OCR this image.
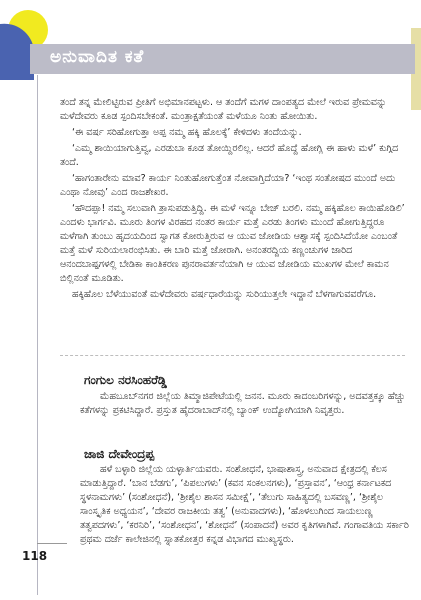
ಅನುವಾದಿತ ಕತೆ

ತಂದೆ ತನ್ನ ಮೇಲಿಟ್ಟಿರುವ ಪ್ರೀತಿಗೆ ಅಭಿಮಾನಪಟ್ಟಳು. ಆ ತಂದೆಗೆ ಮಗಳ ದಾಂಪತ್ಯದ ಮೇಲೆ ಇರುವ ಪ್ರೇಮವನ್ನು ಮಳೆದೇವರು ಕೂಡ ಸ್ಪಂದಿಸಬೇಕಂತೆ. ಮಂತ್ರಾಕ್ಷತೆಯಂತೆ ಮಳೆಯೂ ನಿಂತು ಹೋಯಿತು.

‘ಈ ವರ್ಷ ಸರಿಹೋಗುತ್ತಾ ಅಪ್ಪ ನಮ್ಮ ಹಕ್ಕಿ ಹೊಲಕ್ಕೆ’ ಕೇಳಿದಳು ತಂದೆಯನ್ನು.

‘ಎಮ್ಮ ಶಾಯಿಯಾಗುತ್ತಿವ್ವ, ಎರಡುಬಾ ಕೂಡ ತೋಯ್ದಿರಲಿಲ್ಲ. ಆದರೆ ಹೊದ್ದೆ ಹೋಗ್ಲಿ ಈ ಹಾಳು ಮಳೆ’ ಕುಗ್ಗಿದ ತಂದೆ.

‘ಹಾಗಂತಾರೇನು ಮಾವ? ಕಾರ್ಯ ನಿಂತುಹೋಗುತ್ತೆಂತ ನೋವಾಗ್ತಿದೆಯಾ? ‘ಇಂಥ ಸಂತೋಷದ ಮುಂದೆ ಅದು ಎಂಥಾ ನೋವು’ ಎಂದ ರಾಜಶೇಖರ.

‘ಹೌದಪ್ಪಾ! ನಮ್ಮ ಸಲುವಾಗಿ ತ್ರಾಸುಪಡುತ್ತಿದ್ದಿ. ಈ ಮಳೆ ಇನ್ನೂ ಬೇಜ್ ಬರಲಿ. ನಮ್ಮ ಹಕ್ಕಿಹೊಲ ಕಾಯಿಹೊಡಿಲಿ’ ಎಂದಳು ಭಾರ್ಗವಿ. ಮೂರು ತಿಂಗಳ ವಿರಹದ ನಂತರ ಕಾರ್ಯ ಮತ್ತೆ ಎರಡು ತಿಂಗಳು ಮುಂದೆ ಹೋಗುತ್ತಿದ್ದರೂ ಮಳೆಗಾಗಿ ತುಂಬು ಹೃದಯದಿಂದ ಸ್ವಾಗತ ಕೋರುತ್ತಿರುವ ಆ ಯುವ ಜೋಡಿಯ ಆಶ್ವಾಸಕ್ಕೆ ಸ್ಪಂದಿಸಿದೆಯೋ ಎಂಬಂತೆ ಮತ್ತೆ ಮಳೆ ಸುರಿಯಲಾರಂಭಿಸಿತು. ಈ ಬಾರಿ ಮತ್ತೆ ಜೋರಾಗಿ. ಅನಂತರದ್ದಿಯ ಕಣ್ಣಂಚುಗಳ ಜಾರಿದ ಆನಂದಬಾಷ್ಪಗಳಲ್ಲಿ ಬೇಡಿಕಾ ಕಾಂತಿಕರಣ ಪುನರಾವರ್ತನೆಯಾಗಿ ಆ ಯುವ ಜೋಡಿಯ ಮುಖಗಳ ಮೇಲೆ ಕಾಮನ ಬಿಲ್ಲಿನಂತೆ ಮೂಡಿತು.

ಹಕ್ಕಿಹೊಲ ಬೆಳೆಯುವಂತೆ ಮಳೆದೇವರು ವರ್ಷಧಾರೆಯನ್ನು ಸುರಿಯುತ್ತಲೇ ಇದ್ದಾನೆ ಬೆಳಗಾಗುವವರೆಗೂ.

ಗಂಗುಲ ನರಸಿಂಹರೆಡ್ಡಿ

ಮೆಹಬೂಬ್‌ನಗರ ಜಿಲ್ಲೆಯ ತಿಮ್ಮಾಜಿಪೇಟೆಯಲ್ಲಿ ಜನನ. ಮೂರು ಕಾದಂಬರಿಗಳನ್ನು, ಅದವತ್ತಕ್ಕೂ ಹೆಚ್ಚು ಕತೆಗಳನ್ನು ಪ್ರಕಟಿಸಿದ್ದಾರೆ. ಪ್ರಸ್ತುತ ಹೈದರಾಬಾದ್‌ನಲ್ಲಿ ಬ್ಯಾಂಕ್ ಉದ್ಯೋಗಿಯಾಗಿ ನಿವೃತ್ತರು.

ಜಾಜಿ ದೇವೇಂದ್ರಪ್ಪ

ಹಳೆ ಬಳ್ಳಾರಿ ಜಿಲ್ಲೆಯ ಯಳ್ಳಾರ್ತಿಯವರು. ಸಂಶೋಧನೆ, ಭಾಷಾಶಾಸ್ತ್ರ, ಅನುವಾದ ಕ್ಷೇತ್ರದಲ್ಲಿ ಕೆಲಸ ಮಾಡುತ್ತಿದ್ದಾರೆ. ‘ಬಾನ ಬೆಡಗು’, ‘ಪಿಪಲುಗಳು’ (ಕವನ ಸಂಕಲನಗಳು), ‘ಪ್ರಸ್ತಾವನ’, ‘ಆಂಧ್ರ ಕರ್ನಾಟಕದ ಸ್ಥಳನಾಮಗಳು’ (ಸಂಶೋಧನೆ), ‘ಶ್ರೀಶೈಲ ಶಾಸನ ಸಮೀಕ್ಷೆ’, ‘ತೆಲುಗು ಸಾಹಿತ್ಯದಲ್ಲಿ ಬಸವಣ್ಣ’, ‘ಶ್ರೀಶೈಲ ಸಾಂಸ್ಕೃತಿಕ ಅಧ್ಯಯನ’, ‘ದೇವರ ರಾಜಕೀಯ ತತ್ವ’ (ಅನುವಾದಗಳು), ‘ಹೊಳಲುಗಿಂದ ಸಾಯಲುಣ್ಣ ತತ್ವಪದಗಳು’, ‘ಕರನಿರಿ’, ‘ಸಂಶೋಧನ’, ‘ಶೋಧನೆ’ (ಸಂಪಾದನೆ) ಅವರ ಕೃತಿಗಳಾಗಿವೆ. ಗಂಗಾವತಿಯ ಸರ್ಕಾರಿ ಪ್ರಥಮ ದರ್ಜೆ ಕಾಲೇಜಿನಲ್ಲಿ ಸ್ನಾತಕೋತ್ತರ ಕನ್ನಡ ವಿಭಾಗದ ಮುಖ್ಯಸ್ಥರು.

118
